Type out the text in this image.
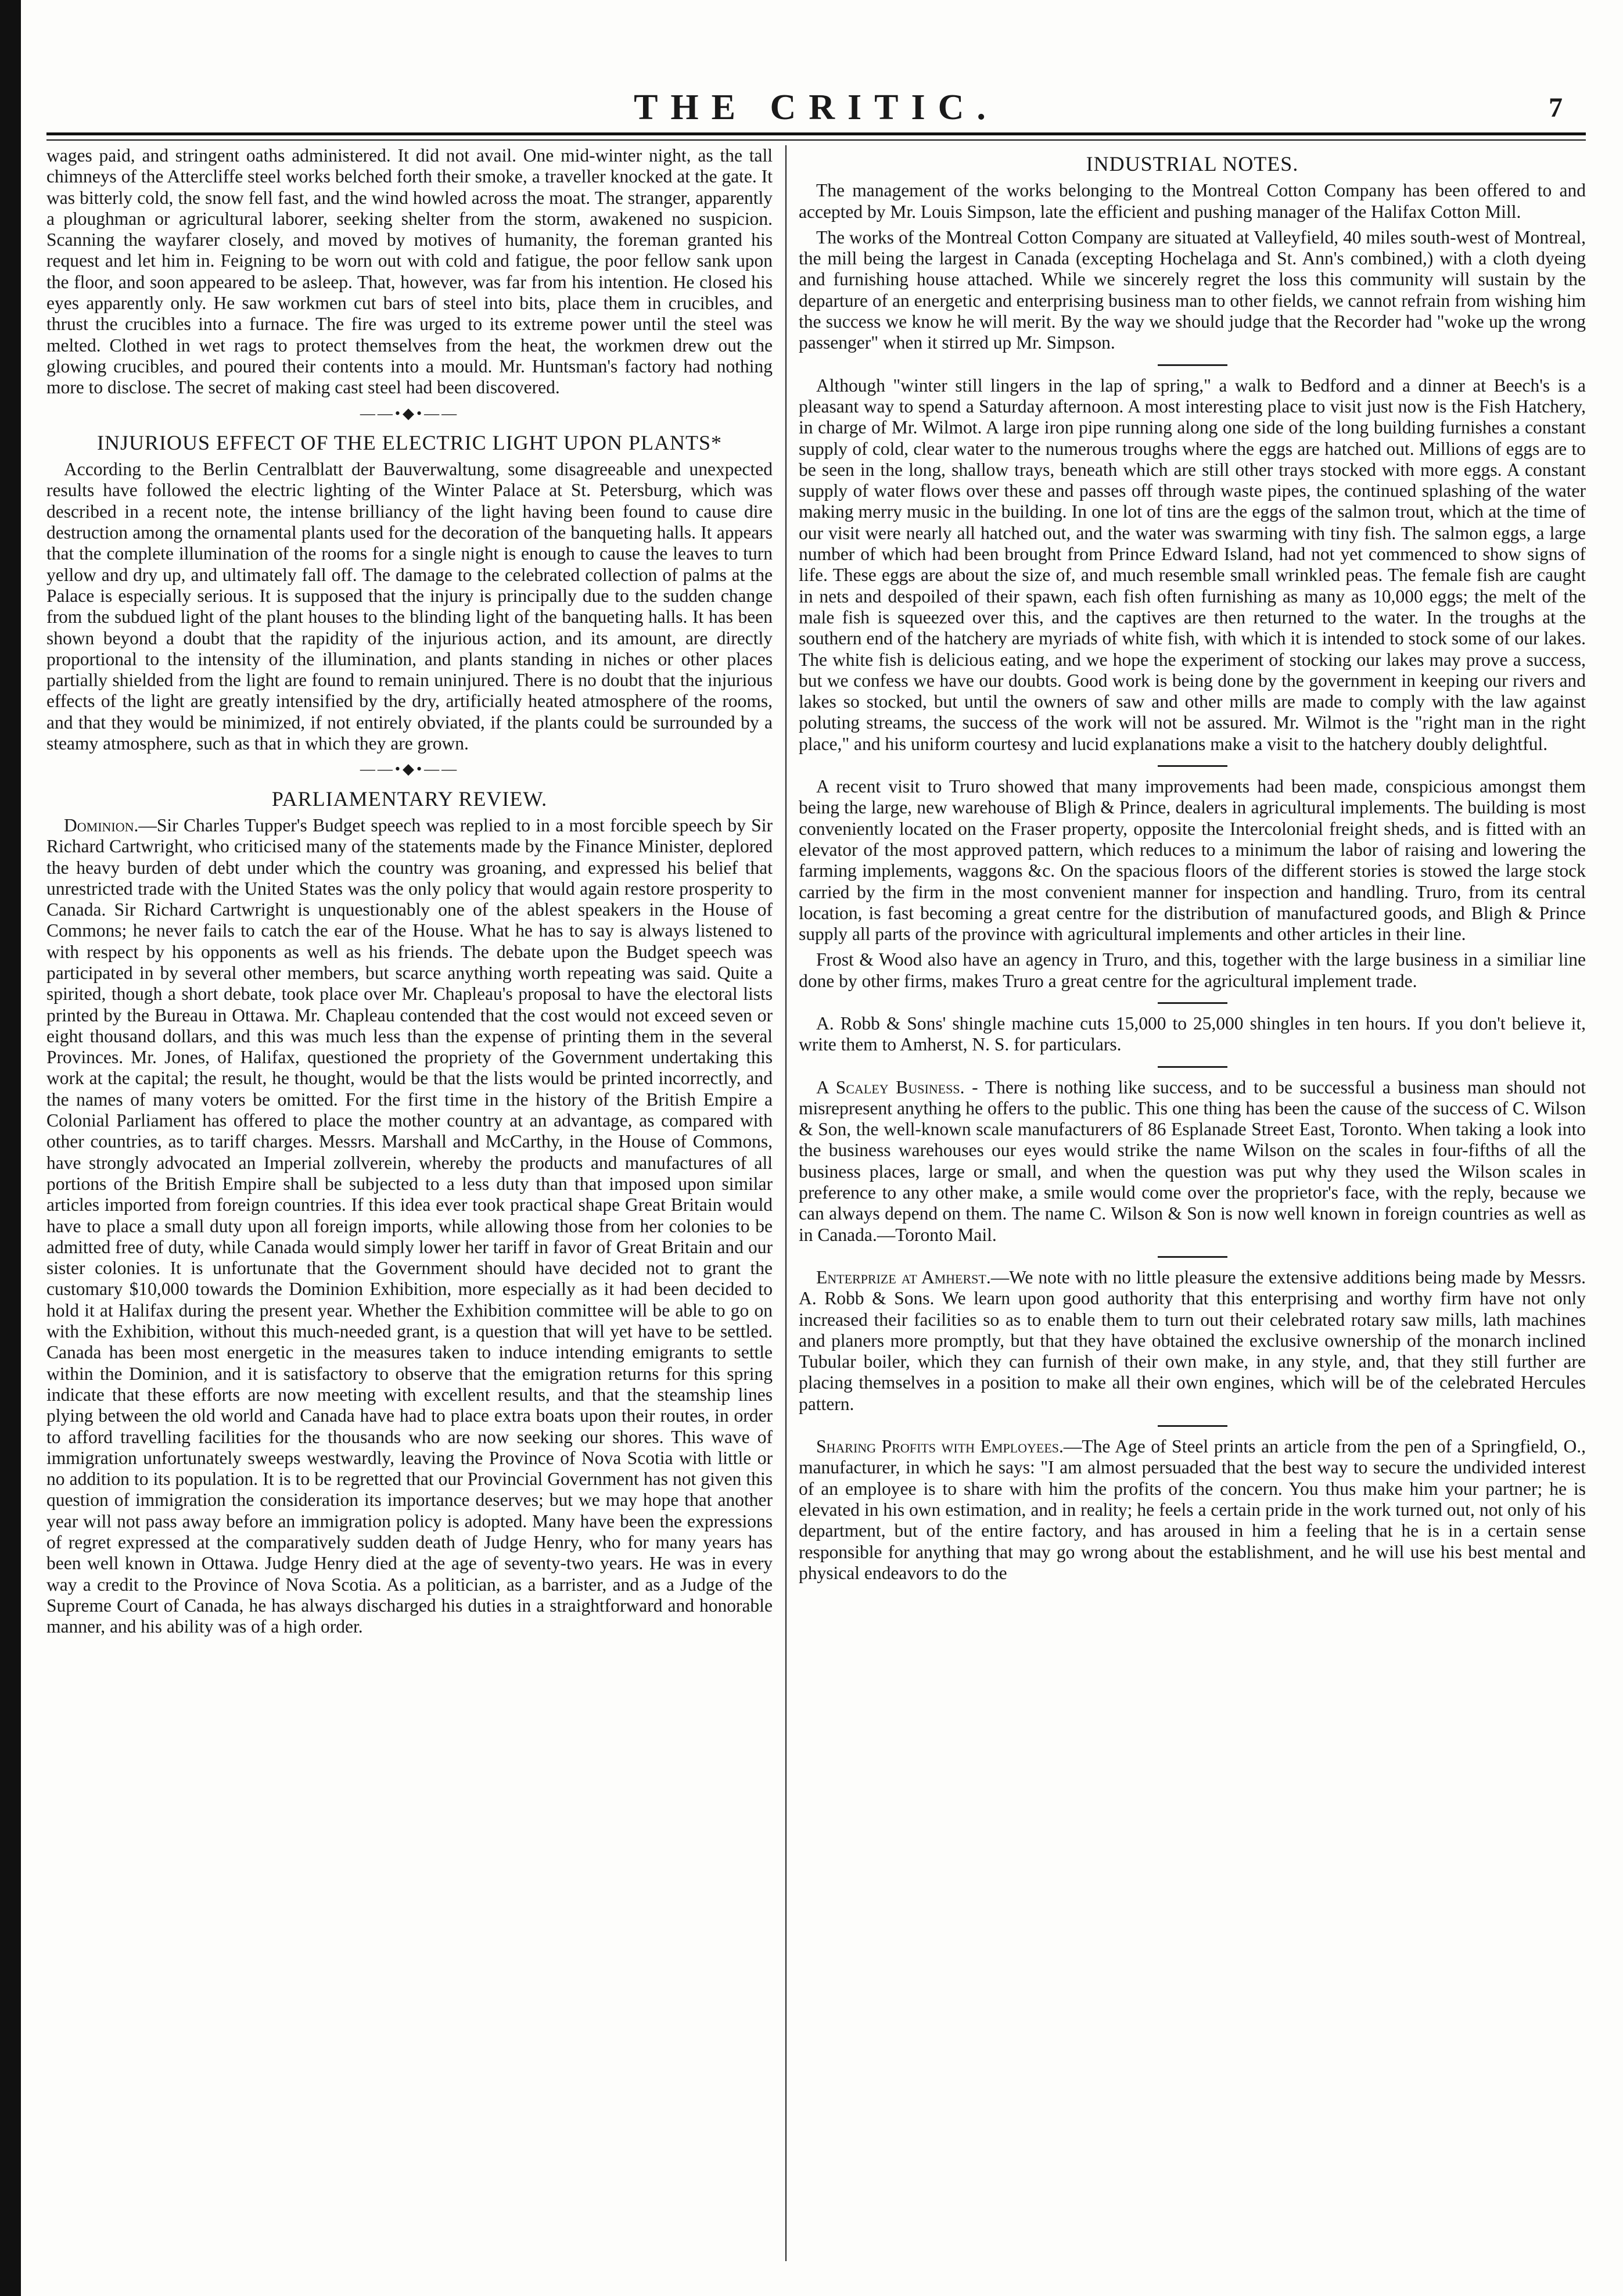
THE CRITIC.	7

wages paid, and stringent oaths administered. It did not avail. One mid-winter night, as the tall chimneys of the Attercliffe steel works belched forth their smoke, a traveller knocked at the gate. It was bitterly cold, the snow fell fast, and the wind howled across the moat. The stranger, apparently a ploughman or agricultural laborer, seeking shelter from the storm, awakened no suspicion. Scanning the wayfarer closely, and moved by motives of humanity, the foreman granted his request and let him in. Feigning to be worn out with cold and fatigue, the poor fellow sank upon the floor, and soon appeared to be asleep. That, however, was far from his intention. He closed his eyes apparently only. He saw workmen cut bars of steel into bits, place them in crucibles, and thrust the crucibles into a furnace. The fire was urged to its extreme power until the steel was melted. Clothed in wet rags to protect themselves from the heat, the workmen drew out the glowing crucibles, and poured their contents into a mould. Mr. Huntsman's factory had nothing more to disclose. The secret of making cast steel had been discovered.

——•◆•——
INJURIOUS EFFECT OF THE ELECTRIC LIGHT UPON PLANTS*

According to the Berlin Centralblatt der Bauverwaltung, some disagreeable and unexpected results have followed the electric lighting of the Winter Palace at St. Petersburg, which was described in a recent note, the intense brilliancy of the light having been found to cause dire destruction among the ornamental plants used for the decoration of the banqueting halls. It appears that the complete illumination of the rooms for a single night is enough to cause the leaves to turn yellow and dry up, and ultimately fall off. The damage to the celebrated collection of palms at the Palace is especially serious. It is supposed that the injury is principally due to the sudden change from the subdued light of the plant houses to the blinding light of the banqueting halls. It has been shown beyond a doubt that the rapidity of the injurious action, and its amount, are directly proportional to the intensity of the illumination, and plants standing in niches or other places partially shielded from the light are found to remain uninjured. There is no doubt that the injurious effects of the light are greatly intensified by the dry, artificially heated atmosphere of the rooms, and that they would be minimized, if not entirely obviated, if the plants could be surrounded by a steamy atmosphere, such as that in which they are grown.

——•◆•——
PARLIAMENTARY REVIEW.

Dominion.—Sir Charles Tupper's Budget speech was replied to in a most forcible speech by Sir Richard Cartwright, who criticised many of the statements made by the Finance Minister, deplored the heavy burden of debt under which the country was groaning, and expressed his belief that unrestricted trade with the United States was the only policy that would again restore prosperity to Canada. Sir Richard Cartwright is unquestionably one of the ablest speakers in the House of Commons; he never fails to catch the ear of the House. What he has to say is always listened to with respect by his opponents as well as his friends. The debate upon the Budget speech was participated in by several other members, but scarce anything worth repeating was said. Quite a spirited, though a short debate, took place over Mr. Chapleau's proposal to have the electoral lists printed by the Bureau in Ottawa. Mr. Chapleau contended that the cost would not exceed seven or eight thousand dollars, and this was much less than the expense of printing them in the several Provinces. Mr. Jones, of Halifax, questioned the propriety of the Government undertaking this work at the capital; the result, he thought, would be that the lists would be printed incorrectly, and the names of many voters be omitted. For the first time in the history of the British Empire a Colonial Parliament has offered to place the mother country at an advantage, as compared with other countries, as to tariff charges. Messrs. Marshall and McCarthy, in the House of Commons, have strongly advocated an Imperial zollverein, whereby the products and manufactures of all portions of the British Empire shall be subjected to a less duty than that imposed upon similar articles imported from foreign countries. If this idea ever took practical shape Great Britain would have to place a small duty upon all foreign imports, while allowing those from her colonies to be admitted free of duty, while Canada would simply lower her tariff in favor of Great Britain and our sister colonies. It is unfortunate that the Government should have decided not to grant the customary $10,000 towards the Dominion Exhibition, more especially as it had been decided to hold it at Halifax during the present year. Whether the Exhibition committee will be able to go on with the Exhibition, without this much-needed grant, is a question that will yet have to be settled. Canada has been most energetic in the measures taken to induce intending emigrants to settle within the Dominion, and it is satisfactory to observe that the emigration returns for this spring indicate that these efforts are now meeting with excellent results, and that the steamship lines plying between the old world and Canada have had to place extra boats upon their routes, in order to afford travelling facilities for the thousands who are now seeking our shores. This wave of immigration unfortunately sweeps westwardly, leaving the Province of Nova Scotia with little or no addition to its population. It is to be regretted that our Provincial Government has not given this question of immigration the consideration its importance deserves; but we may hope that another year will not pass away before an immigration policy is adopted. Many have been the expressions of regret expressed at the comparatively sudden death of Judge Henry, who for many years has been well known in Ottawa. Judge Henry died at the age of seventy-two years. He was in every way a credit to the Province of Nova Scotia. As a politician, as a barrister, and as a Judge of the Supreme Court of Canada, he has always discharged his duties in a straightforward and honorable manner, and his ability was of a high order.

INDUSTRIAL NOTES.

The management of the works belonging to the Montreal Cotton Company has been offered to and accepted by Mr. Louis Simpson, late the efficient and pushing manager of the Halifax Cotton Mill.

The works of the Montreal Cotton Company are situated at Valleyfield, 40 miles south-west of Montreal, the mill being the largest in Canada (excepting Hochelaga and St. Ann's combined,) with a cloth dyeing and furnishing house attached. While we sincerely regret the loss this community will sustain by the departure of an energetic and enterprising business man to other fields, we cannot refrain from wishing him the success we know he will merit. By the way we should judge that the Recorder had "woke up the wrong passenger" when it stirred up Mr. Simpson.

Although "winter still lingers in the lap of spring," a walk to Bedford and a dinner at Beech's is a pleasant way to spend a Saturday afternoon. A most interesting place to visit just now is the Fish Hatchery, in charge of Mr. Wilmot. A large iron pipe running along one side of the long building furnishes a constant supply of cold, clear water to the numerous troughs where the eggs are hatched out. Millions of eggs are to be seen in the long, shallow trays, beneath which are still other trays stocked with more eggs. A constant supply of water flows over these and passes off through waste pipes, the continued splashing of the water making merry music in the building. In one lot of tins are the eggs of the salmon trout, which at the time of our visit were nearly all hatched out, and the water was swarming with tiny fish. The salmon eggs, a large number of which had been brought from Prince Edward Island, had not yet commenced to show signs of life. These eggs are about the size of, and much resemble small wrinkled peas. The female fish are caught in nets and despoiled of their spawn, each fish often furnishing as many as 10,000 eggs; the melt of the male fish is squeezed over this, and the captives are then returned to the water. In the troughs at the southern end of the hatchery are myriads of white fish, with which it is intended to stock some of our lakes. The white fish is delicious eating, and we hope the experiment of stocking our lakes may prove a success, but we confess we have our doubts. Good work is being done by the government in keeping our rivers and lakes so stocked, but until the owners of saw and other mills are made to comply with the law against poluting streams, the success of the work will not be assured. Mr. Wilmot is the "right man in the right place," and his uniform courtesy and lucid explanations make a visit to the hatchery doubly delightful.

A recent visit to Truro showed that many improvements had been made, conspicious amongst them being the large, new warehouse of Bligh & Prince, dealers in agricultural implements. The building is most conveniently located on the Fraser property, opposite the Intercolonial freight sheds, and is fitted with an elevator of the most approved pattern, which reduces to a minimum the labor of raising and lowering the farming implements, waggons &c. On the spacious floors of the different stories is stowed the large stock carried by the firm in the most convenient manner for inspection and handling. Truro, from its central location, is fast becoming a great centre for the distribution of manufactured goods, and Bligh & Prince supply all parts of the province with agricultural implements and other articles in their line.

Frost & Wood also have an agency in Truro, and this, together with the large business in a similiar line done by other firms, makes Truro a great centre for the agricultural implement trade.

A. Robb & Sons' shingle machine cuts 15,000 to 25,000 shingles in ten hours. If you don't believe it, write them to Amherst, N. S. for particulars.

A Scaley Business. - There is nothing like success, and to be successful a business man should not misrepresent anything he offers to the public. This one thing has been the cause of the success of C. Wilson & Son, the well-known scale manufacturers of 86 Esplanade Street East, Toronto. When taking a look into the business warehouses our eyes would strike the name Wilson on the scales in four-fifths of all the business places, large or small, and when the question was put why they used the Wilson scales in preference to any other make, a smile would come over the proprietor's face, with the reply, because we can always depend on them. The name C. Wilson & Son is now well known in foreign countries as well as in Canada.—Toronto Mail.

Enterprize at Amherst.—We note with no little pleasure the extensive additions being made by Messrs. A. Robb & Sons. We learn upon good authority that this enterprising and worthy firm have not only increased their facilities so as to enable them to turn out their celebrated rotary saw mills, lath machines and planers more promptly, but that they have obtained the exclusive ownership of the monarch inclined Tubular boiler, which they can furnish of their own make, in any style, and, that they still further are placing themselves in a position to make all their own engines, which will be of the celebrated Hercules pattern.

Sharing Profits with Employees.—The Age of Steel prints an article from the pen of a Springfield, O., manufacturer, in which he says: "I am almost persuaded that the best way to secure the undivided interest of an employee is to share with him the profits of the concern. You thus make him your partner; he is elevated in his own estimation, and in reality; he feels a certain pride in the work turned out, not only of his department, but of the entire factory, and has aroused in him a feeling that he is in a certain sense responsible for anything that may go wrong about the establishment, and he will use his best mental and physical endeavors to do the
